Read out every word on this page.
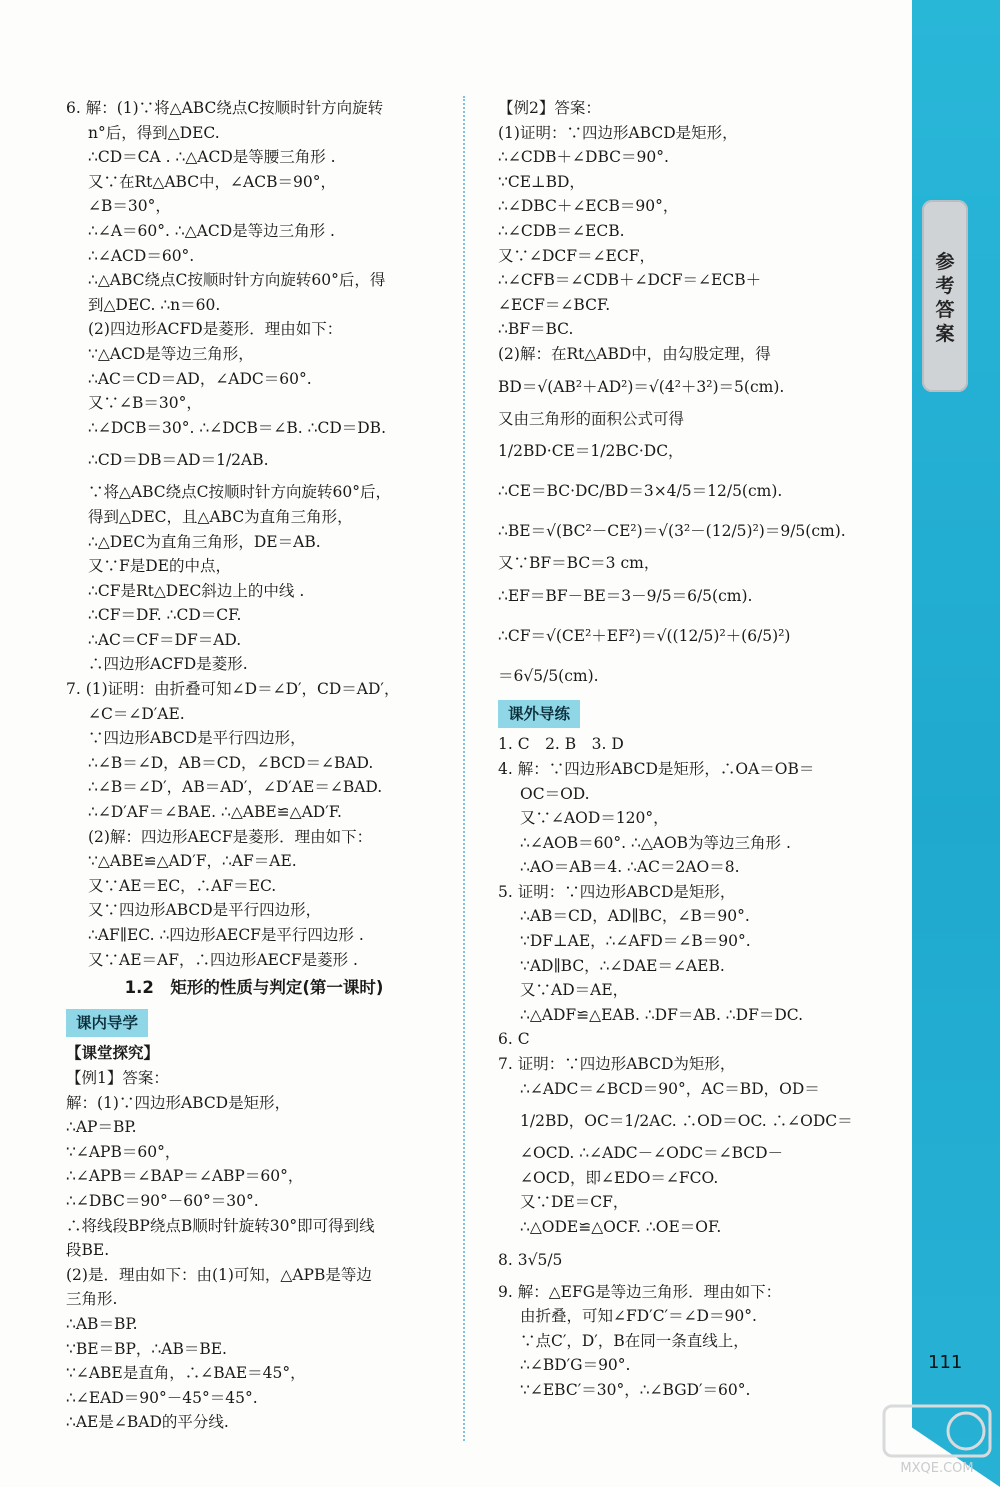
参
考
答
案
6. 解：(1)∵将△ABC绕点C按顺时针方向旋转
n°后，得到△DEC.
∴CD＝CA . ∴△ACD是等腰三角形 .
又∵在Rt△ABC中，∠ACB＝90°，
∠B＝30°，
∴∠A＝60°. ∴△ACD是等边三角形 .
∴∠ACD＝60°.
∴△ABC绕点C按顺时针方向旋转60°后，得
到△DEC. ∴n＝60.
(2)四边形ACFD是菱形．理由如下：
∵△ACD是等边三角形，
∴AC＝CD＝AD，∠ADC＝60°.
又∵∠B＝30°，
∴∠DCB＝30°. ∴∠DCB＝∠B. ∴CD＝DB.
∴CD＝DB＝AD＝1/2AB.
∵将△ABC绕点C按顺时针方向旋转60°后，
得到△DEC，且△ABC为直角三角形，
∴△DEC为直角三角形，DE＝AB.
又∵F是DE的中点，
∴CF是Rt△DEC斜边上的中线 .
∴CF＝DF. ∴CD＝CF.
∴AC＝CF＝DF＝AD.
∴四边形ACFD是菱形.
7. (1)证明：由折叠可知∠D＝∠D′，CD＝AD′，
∠C＝∠D′AE.
∵四边形ABCD是平行四边形，
∴∠B＝∠D，AB＝CD，∠BCD＝∠BAD.
∴∠B＝∠D′，AB＝AD′，∠D′AE＝∠BAD.
∴∠D′AF＝∠BAE. ∴△ABE≌△AD′F.
(2)解：四边形AECF是菱形．理由如下：
∵△ABE≌△AD′F，∴AF＝AE.
又∵AE＝EC，∴AF＝EC.
又∵四边形ABCD是平行四边形，
∴AF∥EC. ∴四边形AECF是平行四边形 .
又∵AE＝AF，∴四边形AECF是菱形 .
1.2　矩形的性质与判定(第一课时)
课内导学
【课堂探究】
【例1】答案：
解：(1)∵四边形ABCD是矩形，
∴AP＝BP.
∵∠APB＝60°，
∴∠APB＝∠BAP＝∠ABP＝60°，
∴∠DBC＝90°－60°＝30°.
∴将线段BP绕点B顺时针旋转30°即可得到线
段BE.
(2)是．理由如下：由(1)可知，△APB是等边
三角形.
∴AB＝BP.
∵BE＝BP，∴AB＝BE.
∵∠ABE是直角，∴∠BAE＝45°，
∴∠EAD＝90°－45°＝45°.
∴AE是∠BAD的平分线.
【例2】答案：
(1)证明：∵四边形ABCD是矩形，
∴∠CDB＋∠DBC＝90°.
∵CE⊥BD，
∴∠DBC＋∠ECB＝90°，
∴∠CDB＝∠ECB.
又∵∠DCF＝∠ECF，
∴∠CFB＝∠CDB＋∠DCF＝∠ECB＋
∠ECF＝∠BCF.
∴BF＝BC.
(2)解：在Rt△ABD中，由勾股定理，得
BD＝√(AB²＋AD²)＝√(4²＋3²)＝5(cm).
又由三角形的面积公式可得
1/2BD·CE＝1/2BC·DC，
∴CE＝BC·DC/BD＝3×4/5＝12/5(cm).
∴BE＝√(BC²－CE²)＝√(3²－(12/5)²)＝9/5(cm).
又∵BF＝BC＝3 cm，
∴EF＝BF－BE＝3－9/5＝6/5(cm).
∴CF＝√(CE²＋EF²)＝√((12/5)²＋(6/5)²)
＝6√5/5(cm).
课外导练
1. C　2. B　3. D
4. 解：∵四边形ABCD是矩形，∴OA＝OB＝
OC＝OD.
又∵∠AOD＝120°，
∴∠AOB＝60°. ∴△AOB为等边三角形 .
∴AO＝AB＝4. ∴AC＝2AO＝8.
5. 证明：∵四边形ABCD是矩形，
∴AB＝CD，AD∥BC，∠B＝90°.
∵DF⊥AE，∴∠AFD＝∠B＝90°.
∵AD∥BC，∴∠DAE＝∠AEB.
又∵AD＝AE，
∴△ADF≌△EAB. ∴DF＝AB. ∴DF＝DC.
6. C
7. 证明：∵四边形ABCD为矩形，
∴∠ADC＝∠BCD＝90°，AC＝BD，OD＝
1/2BD，OC＝1/2AC. ∴OD＝OC. ∴∠ODC＝
∠OCD. ∴∠ADC－∠ODC＝∠BCD－
∠OCD，即∠EDO＝∠FCO.
又∵DE＝CF，
∴△ODE≌△OCF. ∴OE＝OF.
8. 3√5/5
9. 解：△EFG是等边三角形．理由如下：
由折叠，可知∠FD′C′＝∠D＝90°.
∵点C′，D′，B在同一条直线上，
∴∠BD′G＝90°.
∵∠EBC′＝30°，∴∠BGD′＝60°.
111
MXQE.COM
